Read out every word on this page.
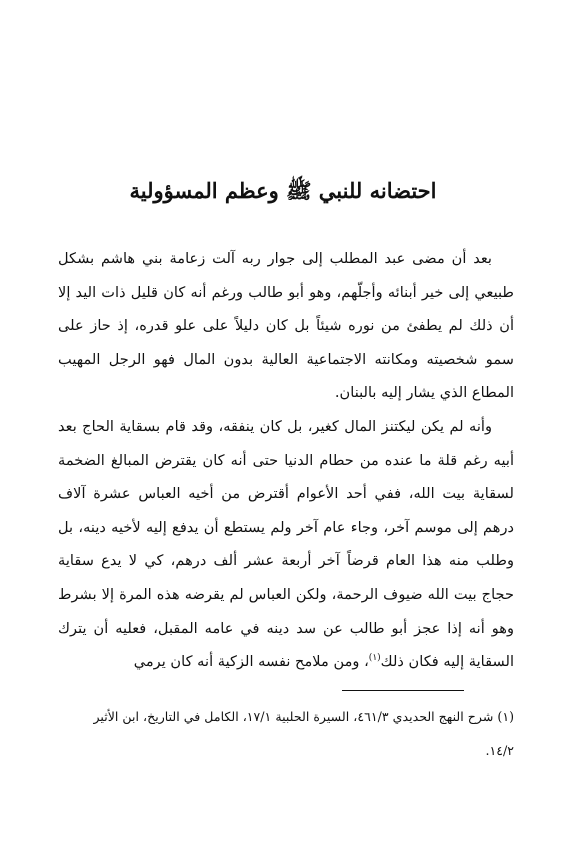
احتضانه للنبي ﷺ وعظم المسؤولية

بعد أن مضى عبد المطلب إلى جوار ربه آلت زعامة بني هاشم بشكل طبيعي إلى خير أبنائه وأجلّهم، وهو أبو طالب ورغم أنه كان قليل ذات اليد إلا أن ذلك لم يطفئ من نوره شيئاً بل كان دليلاً على علو قدره، إذ حاز على سمو شخصيته ومكانته الاجتماعية العالية بدون المال فهو الرجل المهيب المطاع الذي يشار إليه بالبنان.

وأنه لم يكن ليكتنز المال كغير، بل كان ينفقه، وقد قام بسقاية الحاج بعد أبيه رغم قلة ما عنده من حطام الدنيا حتى أنه كان يقترض المبالغ الضخمة لسقاية بيت الله، ففي أحد الأعوام أقترض من أخيه العباس عشرة آلاف درهم إلى موسم آخر، وجاء عام آخر ولم يستطع أن يدفع إليه لأخيه دينه، بل وطلب منه هذا العام قرضاً آخر أربعة عشر ألف درهم، كي لا يدع سقاية حجاج بيت الله ضيوف الرحمة، ولكن العباس لم يقرضه هذه المرة إلا بشرط وهو أنه إذا عجز أبو طالب عن سد دينه في عامه المقبل، فعليه أن يترك السقاية إليه فكان ذلك$^{(١)}$، ومن ملامح نفسه الزكية أنه كان يرمي

(١) شرح النهج الحديدي ٤٦١/٣، السيرة الحلبية ١٧/١، الكامل في التاريخ، ابن الأثير

١٤/٢.
